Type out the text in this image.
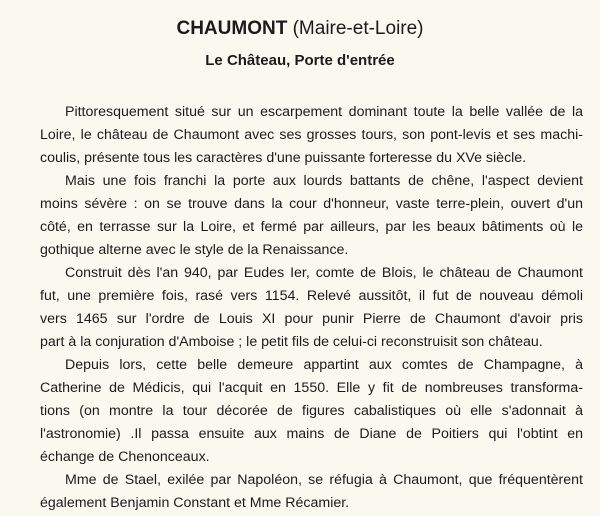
CHAUMONT (Maire-et-Loire)
Le Château, Porte d'entrée
Pittoresquement situé sur un escarpement dominant toute la belle vallée de la
Loire, le château de Chaumont avec ses grosses tours, son pont-levis et ses machi-
coulis, présente tous les caractères d'une puissante forteresse du XVe siècle.
Mais une fois franchi la porte aux lourds battants de chêne, l'aspect devient
moins sévère : on se trouve dans la cour d'honneur, vaste terre-plein, ouvert d'un
côté, en terrasse sur la Loire, et fermé par ailleurs, par les beaux bâtiments où le
gothique alterne avec le style de la Renaissance.
Construit dès l'an 940, par Eudes Ier, comte de Blois, le château de Chaumont
fut, une première fois, rasé vers 1154. Relevé aussitôt, il fut de nouveau démoli
vers 1465 sur l'ordre de Louis XI pour punir Pierre de Chaumont d'avoir pris
part à la conjuration d'Amboise ; le petit fils de celui-ci reconstruisit son château.
Depuis lors, cette belle demeure appartint aux comtes de Champagne, à
Catherine de Médicis, qui l'acquit en 1550. Elle y fit de nombreuses transforma-
tions (on montre la tour décorée de figures cabalistiques où elle s'adonnait à
l'astronomie) .Il passa ensuite aux mains de Diane de Poitiers qui l'obtint en
échange de Chenonceaux.
Mme de Stael, exilée par Napoléon, se réfugia à Chaumont, que fréquentèrent
également Benjamin Constant et Mme Récamier.
